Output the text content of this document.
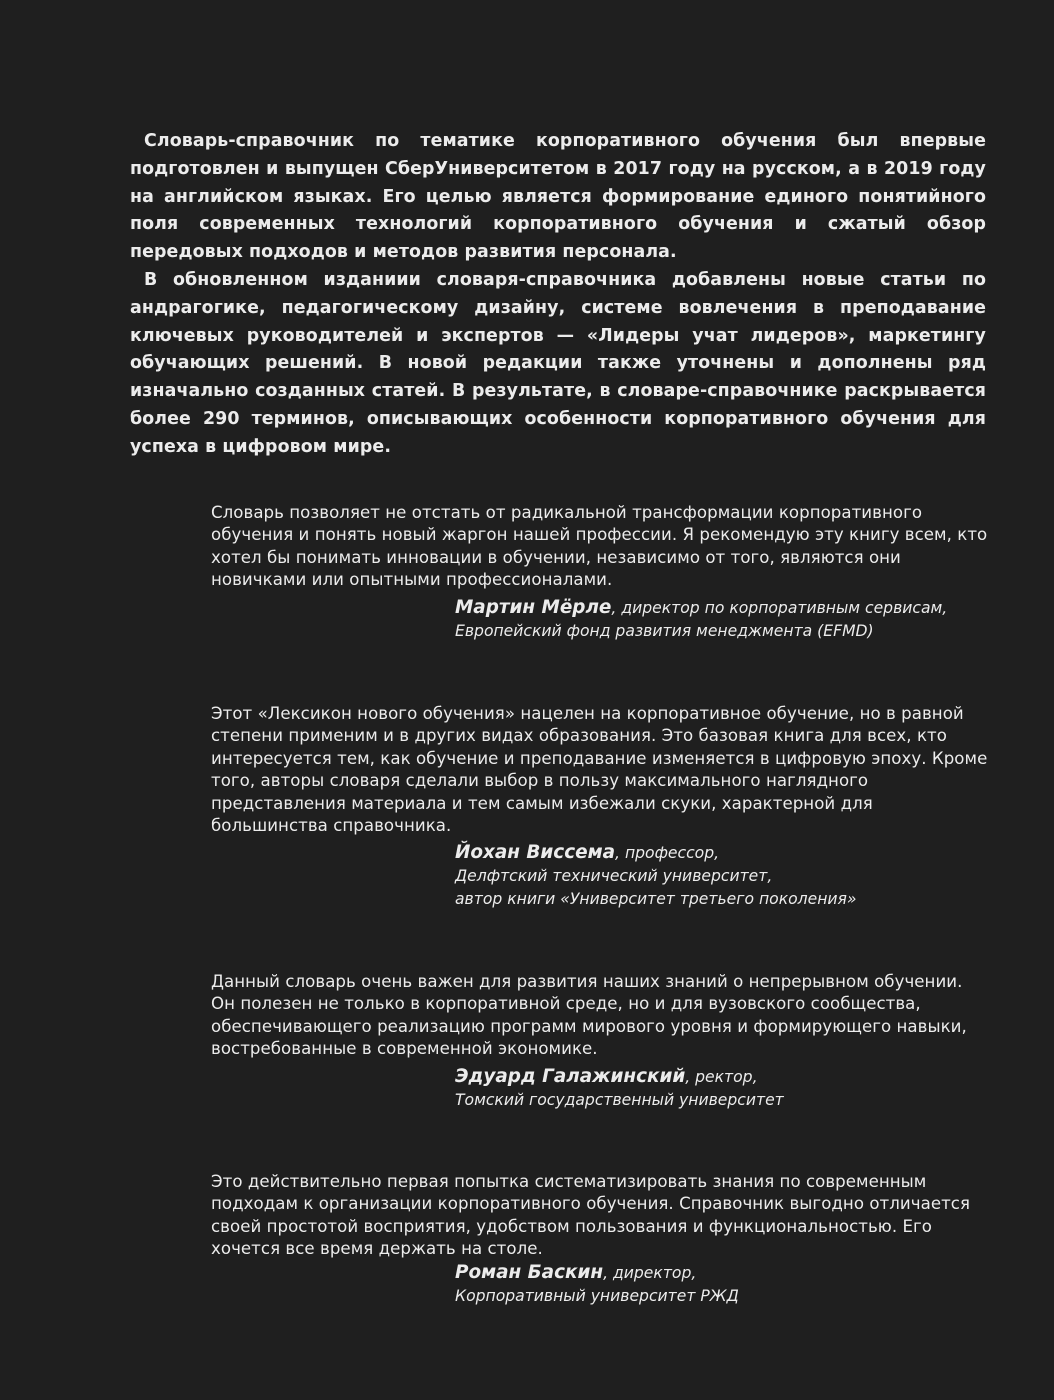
Словарь-справочник по тематике корпоративного обучения был впервые подготовлен и выпущен СберУниверситетом в 2017 году на русском, а в 2019 году на английском языках. Его целью является формирование единого понятийного поля современных технологий корпоративного обучения и сжатый обзор передовых подходов и методов развития персонала.

В обновленном изданиии словаря-справочника добавлены новые статьи по андрагогике, педагогическому дизайну, системе вовлечения в преподавание ключевых руководителей и экспертов — «Лидеры учат лидеров», маркетингу обучающих решений. В новой редакции также уточнены и дополнены ряд изначально созданных статей. В результате, в словаре-справочнике раскрывается более 290 терминов, описывающих особенности корпоративного обучения для успеха в цифровом мире.

Словарь позволяет не отстать от радикальной трансформации корпоративного обучения и понять новый жаргон нашей профессии. Я рекомендую эту книгу всем, кто хотел бы понимать инновации в обучении, независимо от того, являются они новичками или опытными профессионалами.

Мартин Мёрле, директор по корпоративным сервисам,
Европейский фонд развития менеджмента (EFMD)

Этот «Лексикон нового обучения» нацелен на корпоративное обучение, но в равной степени применим и в других видах образования. Это базовая книга для всех, кто интересуется тем, как обучение и преподавание изменяется в цифровую эпоху. Кроме того, авторы словаря сделали выбор в пользу максимального наглядного представления материала и тем самым избежали скуки, характерной для большинства справочника.

Йохан Виссема, профессор,
Делфтский технический университет,
автор книги «Университет третьего поколения»

Данный словарь очень важен для развития наших знаний о непрерывном обучении. Он полезен не только в корпоративной среде, но и для вузовского сообщества, обеспечивающего реализацию программ мирового уровня и формирующего навыки, востребованные в современной экономике.

Эдуард Галажинский, ректор,
Томский государственный университет

Это действительно первая попытка систематизировать знания по современным подходам к организации корпоративного обучения. Справочник выгодно отличается своей простотой восприятия, удобством пользования и функциональностью. Его хочется все время держать на столе.

Роман Баскин, директор,
Корпоративный университет РЖД
